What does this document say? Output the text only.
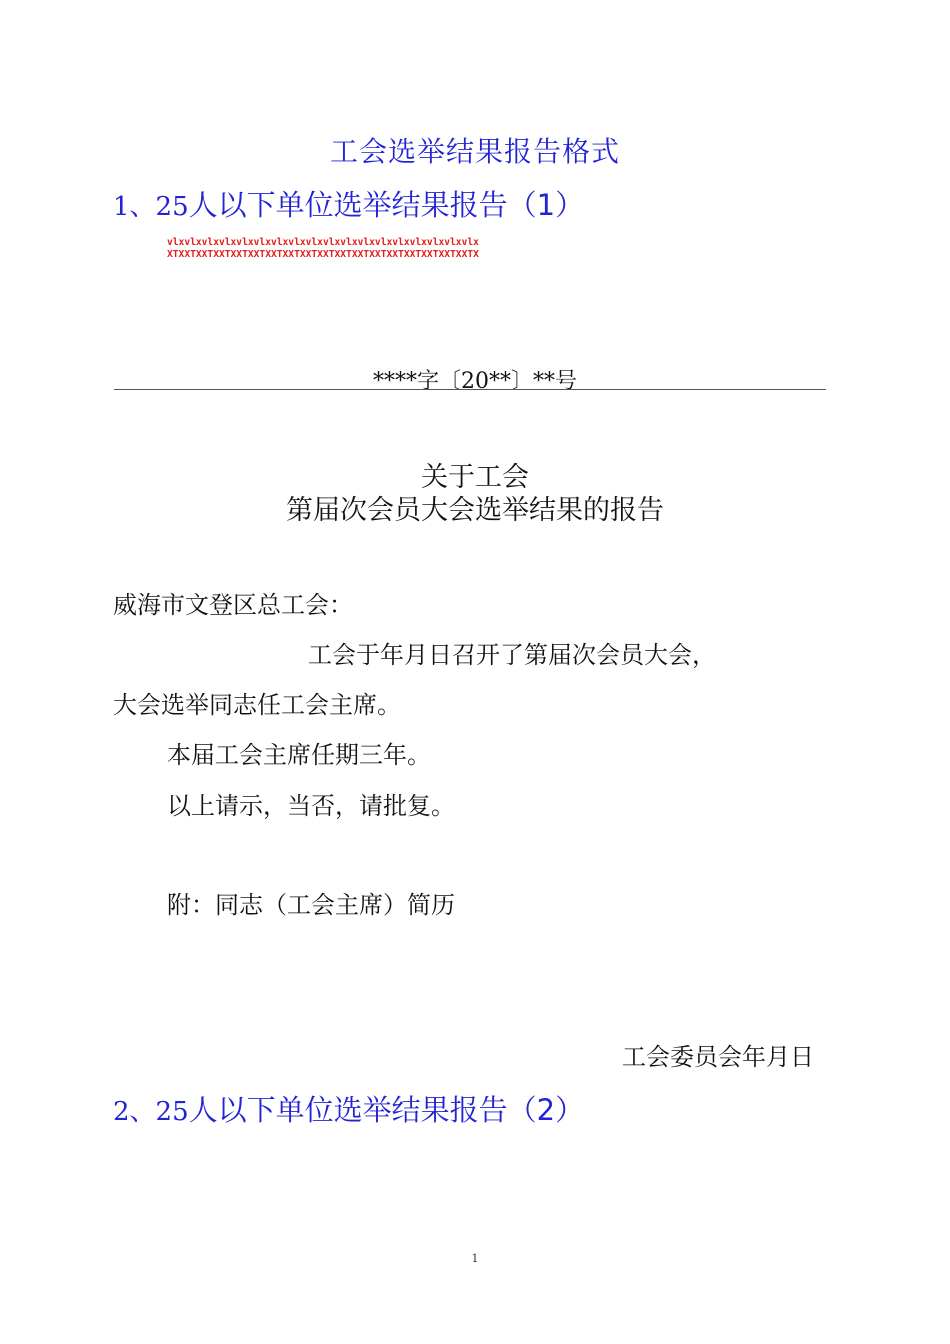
工会选举结果报告格式
1、25人以下单位选举结果报告（1）
vlxvlxvlxvlxvlxvlxvlxvlxvlxvlxvlxvlxvlxvlxvlxvlxvlxvlx
XTXXTXXTXXTXXTXXTXXTXXTXXTXXTXXTXXTXXTXXTXXTXXTXXTXXTX
****字〔20**〕**号
关于工会
第届次会员大会选举结果的报告
威海市文登区总工会：
工会于年月日召开了第届次会员大会，
大会选举同志任工会主席。
本届工会主席任期三年。
以上请示，当否，请批复。
附：同志（工会主席）简历
工会委员会年月日
2、25人以下单位选举结果报告（2）
1
